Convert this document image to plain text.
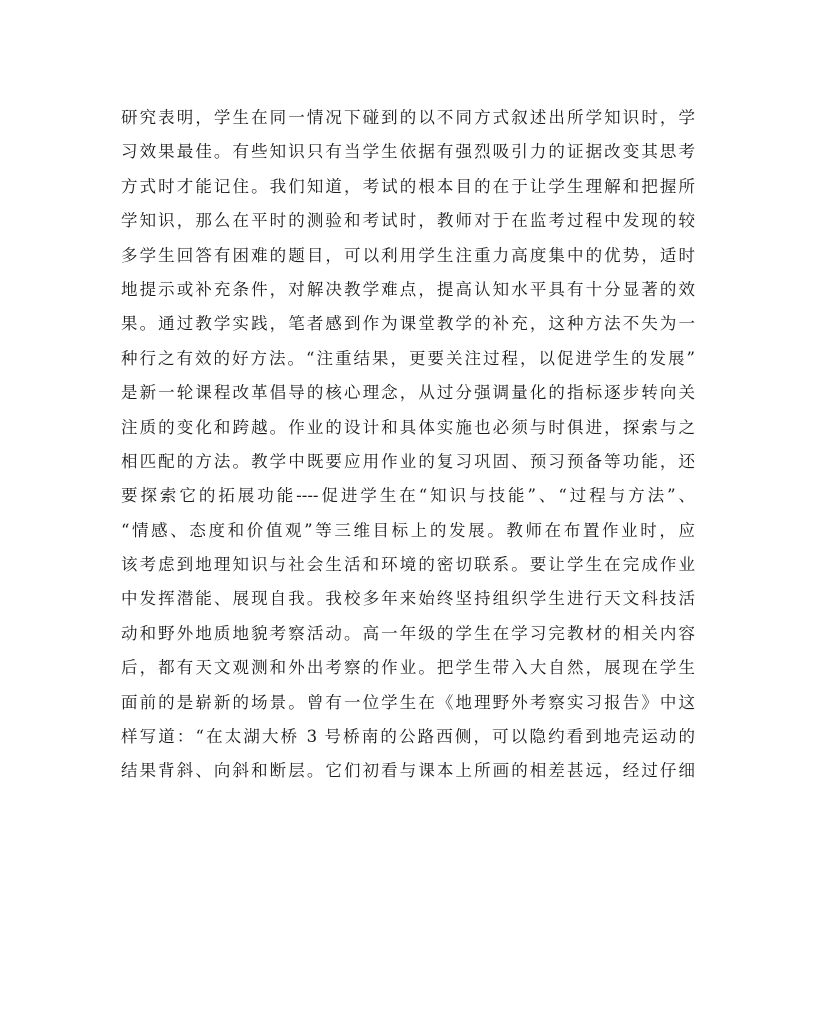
研究表明，学生在同一情况下碰到的以不同方式叙述出所学知识时，学
习效果最佳。有些知识只有当学生依据有强烈吸引力的证据改变其思考
方式时才能记住。我们知道，考试的根本目的在于让学生理解和把握所
学知识，那么在平时的测验和考试时，教师对于在监考过程中发现的较
多学生回答有困难的题目，可以利用学生注重力高度集中的优势，适时
地提示或补充条件，对解决教学难点，提高认知水平具有十分显著的效
果。通过教学实践，笔者感到作为课堂教学的补充，这种方法不失为一
种行之有效的好方法。“注重结果，更要关注过程，以促进学生的发展”
是新一轮课程改革倡导的核心理念，从过分强调量化的指标逐步转向关
注质的变化和跨越。作业的设计和具体实施也必须与时俱进，探索与之
相匹配的方法。教学中既要应用作业的复习巩固、预习预备等功能，还
要探索它的拓展功能----促进学生在“知识与技能”、“过程与方法”、
“情感、态度和价值观”等三维目标上的发展。教师在布置作业时，应
该考虑到地理知识与社会生活和环境的密切联系。要让学生在完成作业
中发挥潜能、展现自我。我校多年来始终坚持组织学生进行天文科技活
动和野外地质地貌考察活动。高一年级的学生在学习完教材的相关内容
后，都有天文观测和外出考察的作业。把学生带入大自然，展现在学生
面前的是崭新的场景。曾有一位学生在《地理野外考察实习报告》中这
样写道：“在太湖大桥 3 号桥南的公路西侧，可以隐约看到地壳运动的
结果背斜、向斜和断层。它们初看与课本上所画的相差甚远，经过仔细
